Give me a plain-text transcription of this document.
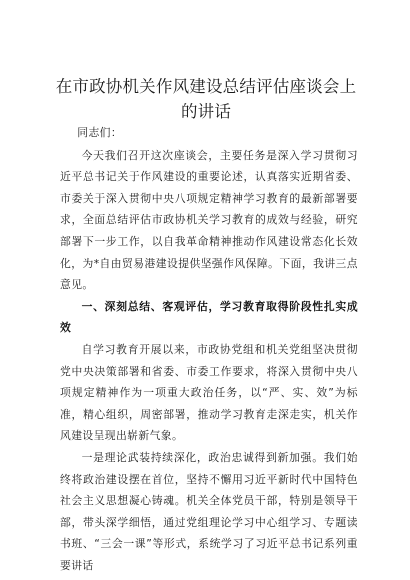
在市政协机关作风建设总结评估座谈会上的讲话

同志们：

今天我们召开这次座谈会，主要任务是深入学习贯彻习近平总书记关于作风建设的重要论述，认真落实近期省委、市委关于深入贯彻中央八项规定精神学习教育的最新部署要求，全面总结评估市政协机关学习教育的成效与经验，研究部署下一步工作，以自我革命精神推动作风建设常态化长效化，为*自由贸易港建设提供坚强作风保障。下面，我讲三点意见。

一、深刻总结、客观评估，学习教育取得阶段性扎实成效

自学习教育开展以来，市政协党组和机关党组坚决贯彻党中央决策部署和省委、市委工作要求，将深入贯彻中央八项规定精神作为一项重大政治任务，以“严、实、效”为标准，精心组织，周密部署，推动学习教育走深走实，机关作风建设呈现出崭新气象。

一是理论武装持续深化，政治忠诚得到新加强。我们始终将政治建设摆在首位，坚持不懈用习近平新时代中国特色社会主义思想凝心铸魂。机关全体党员干部，特别是领导干部，带头深学细悟，通过党组理论学习中心组学习、专题读书班、“三会一课”等形式，系统学习了习近平总书记系列重要讲话
